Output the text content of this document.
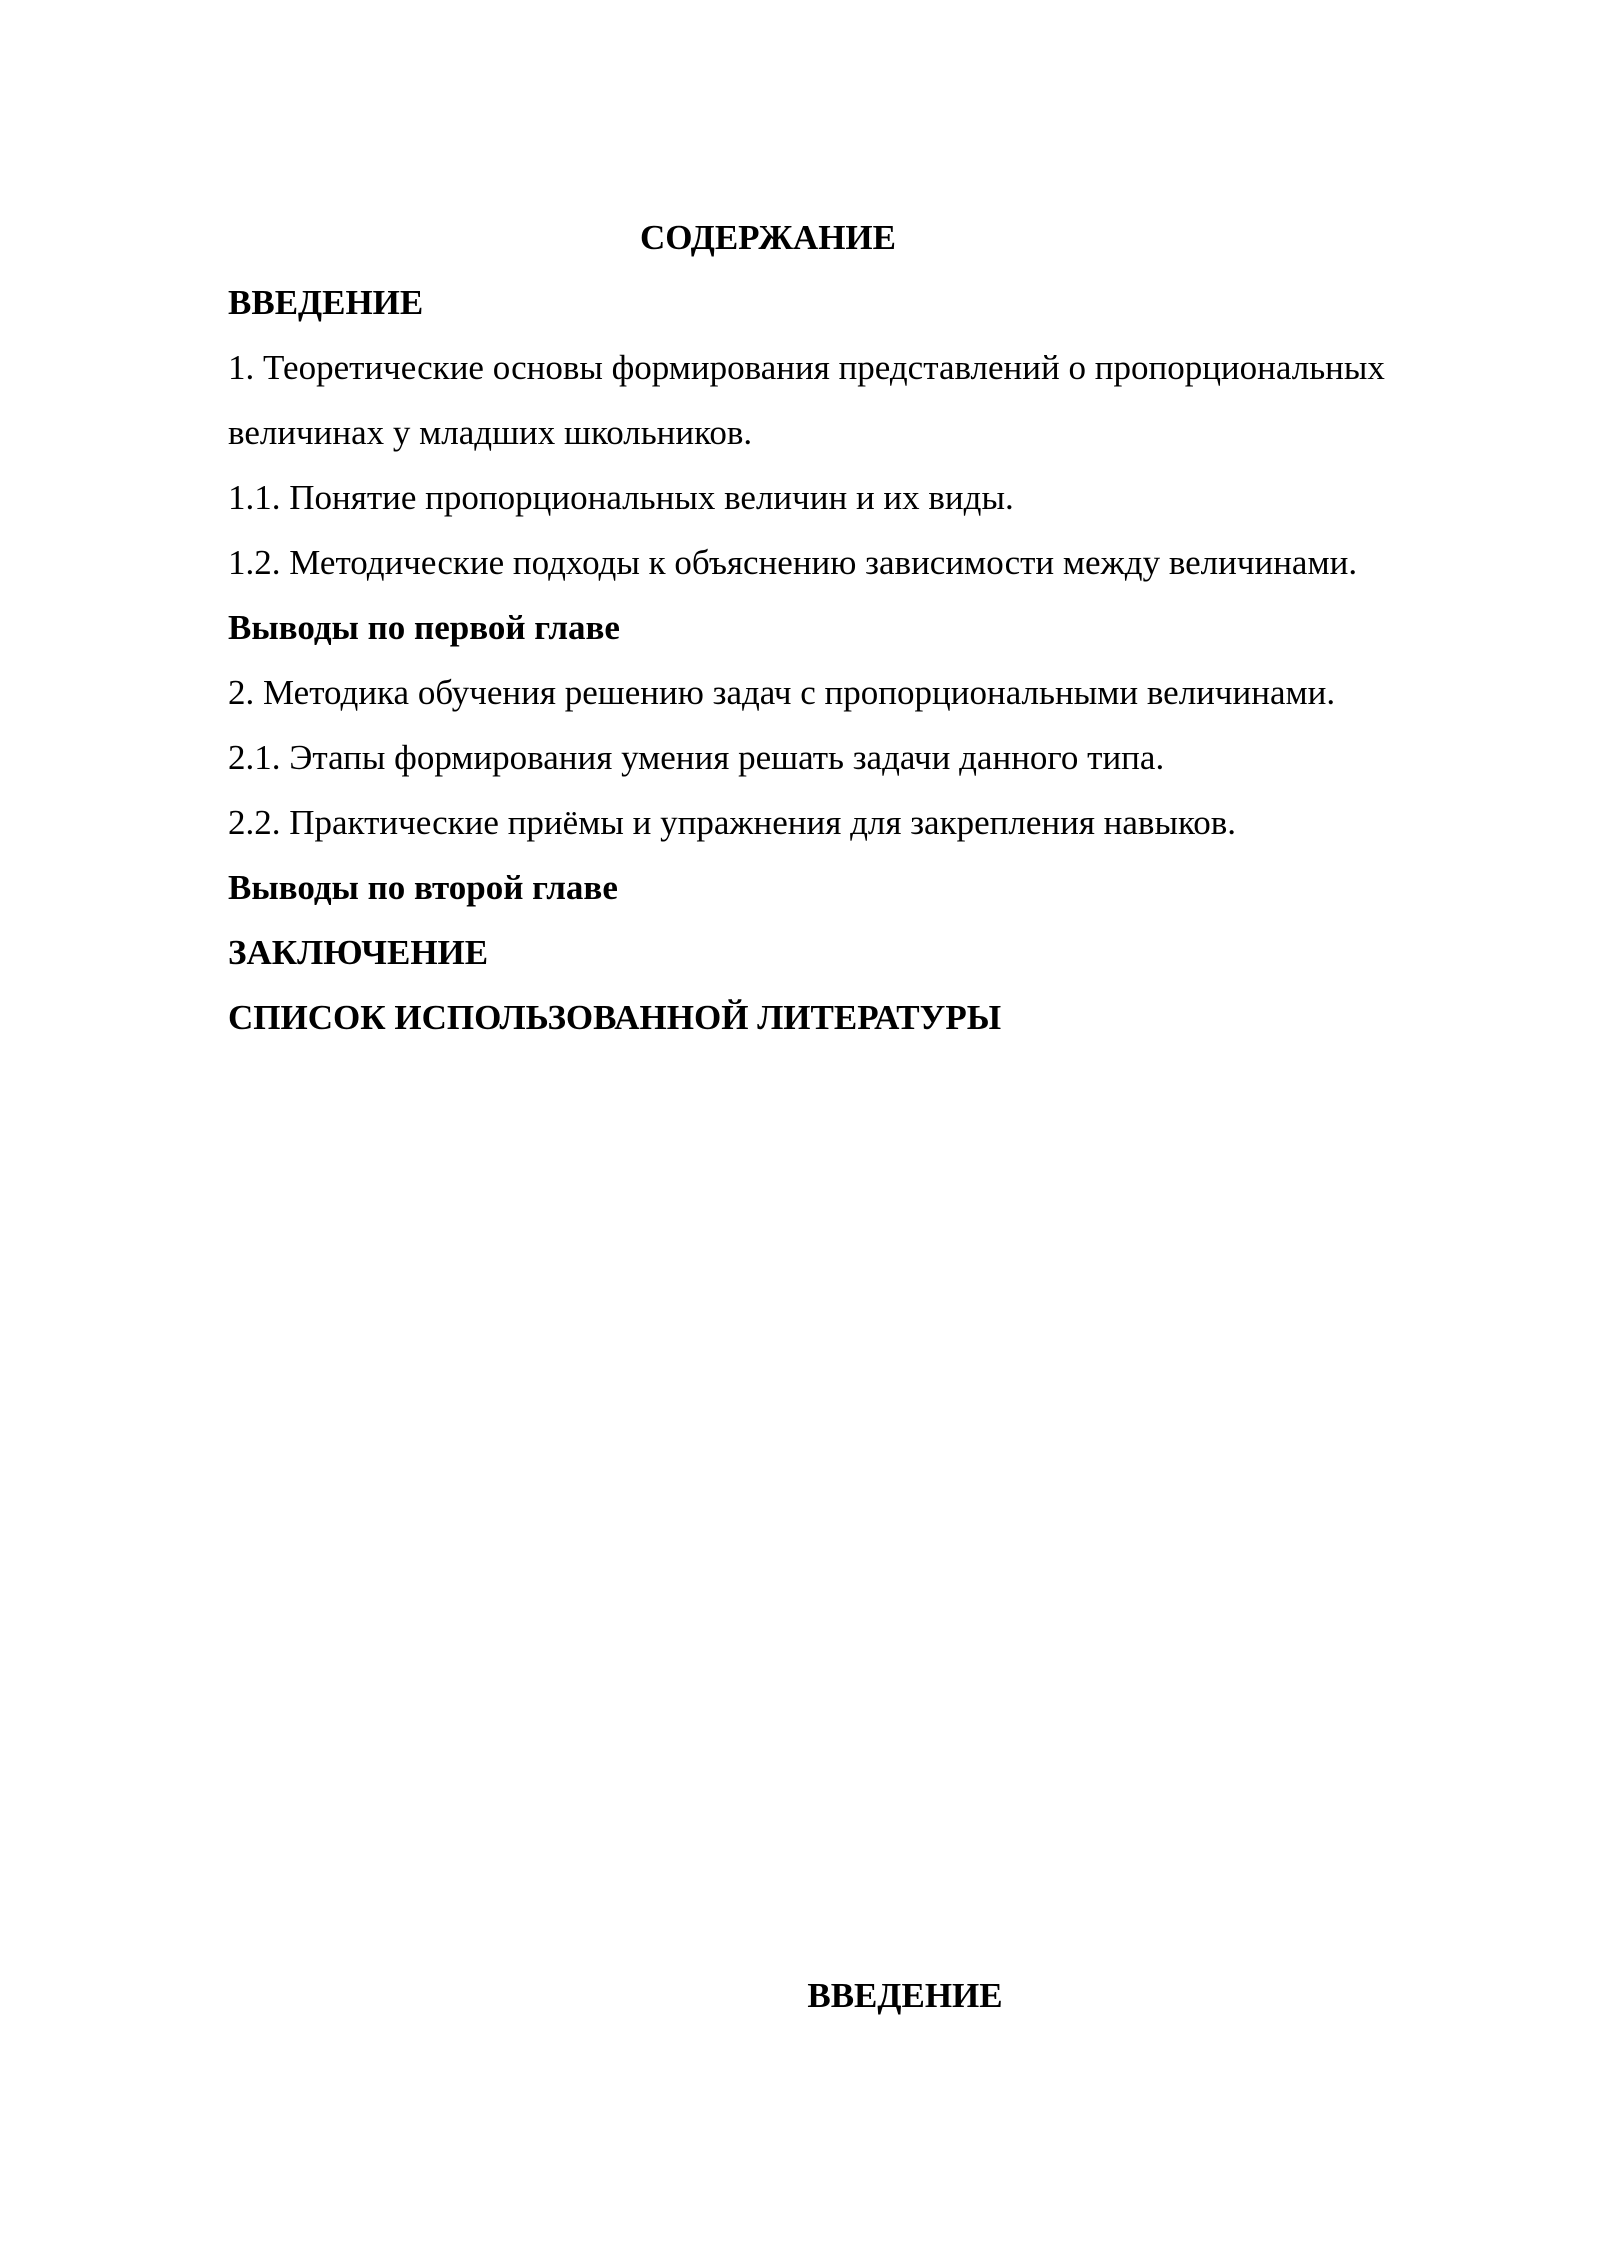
СОДЕРЖАНИЕ

ВВЕДЕНИЕ

1. Теоретические основы формирования представлений о пропорциональных

величинах у младших школьников.

1.1. Понятие пропорциональных величин и их виды.

1.2. Методические подходы к объяснению зависимости между величинами.

Выводы по первой главе

2. Методика обучения решению задач с пропорциональными величинами.

2.1. Этапы формирования умения решать задачи данного типа.

2.2. Практические приёмы и упражнения для закрепления навыков.

Выводы по второй главе

ЗАКЛЮЧЕНИЕ

СПИСОК ИСПОЛЬЗОВАННОЙ ЛИТЕРАТУРЫ

ВВЕДЕНИЕ
